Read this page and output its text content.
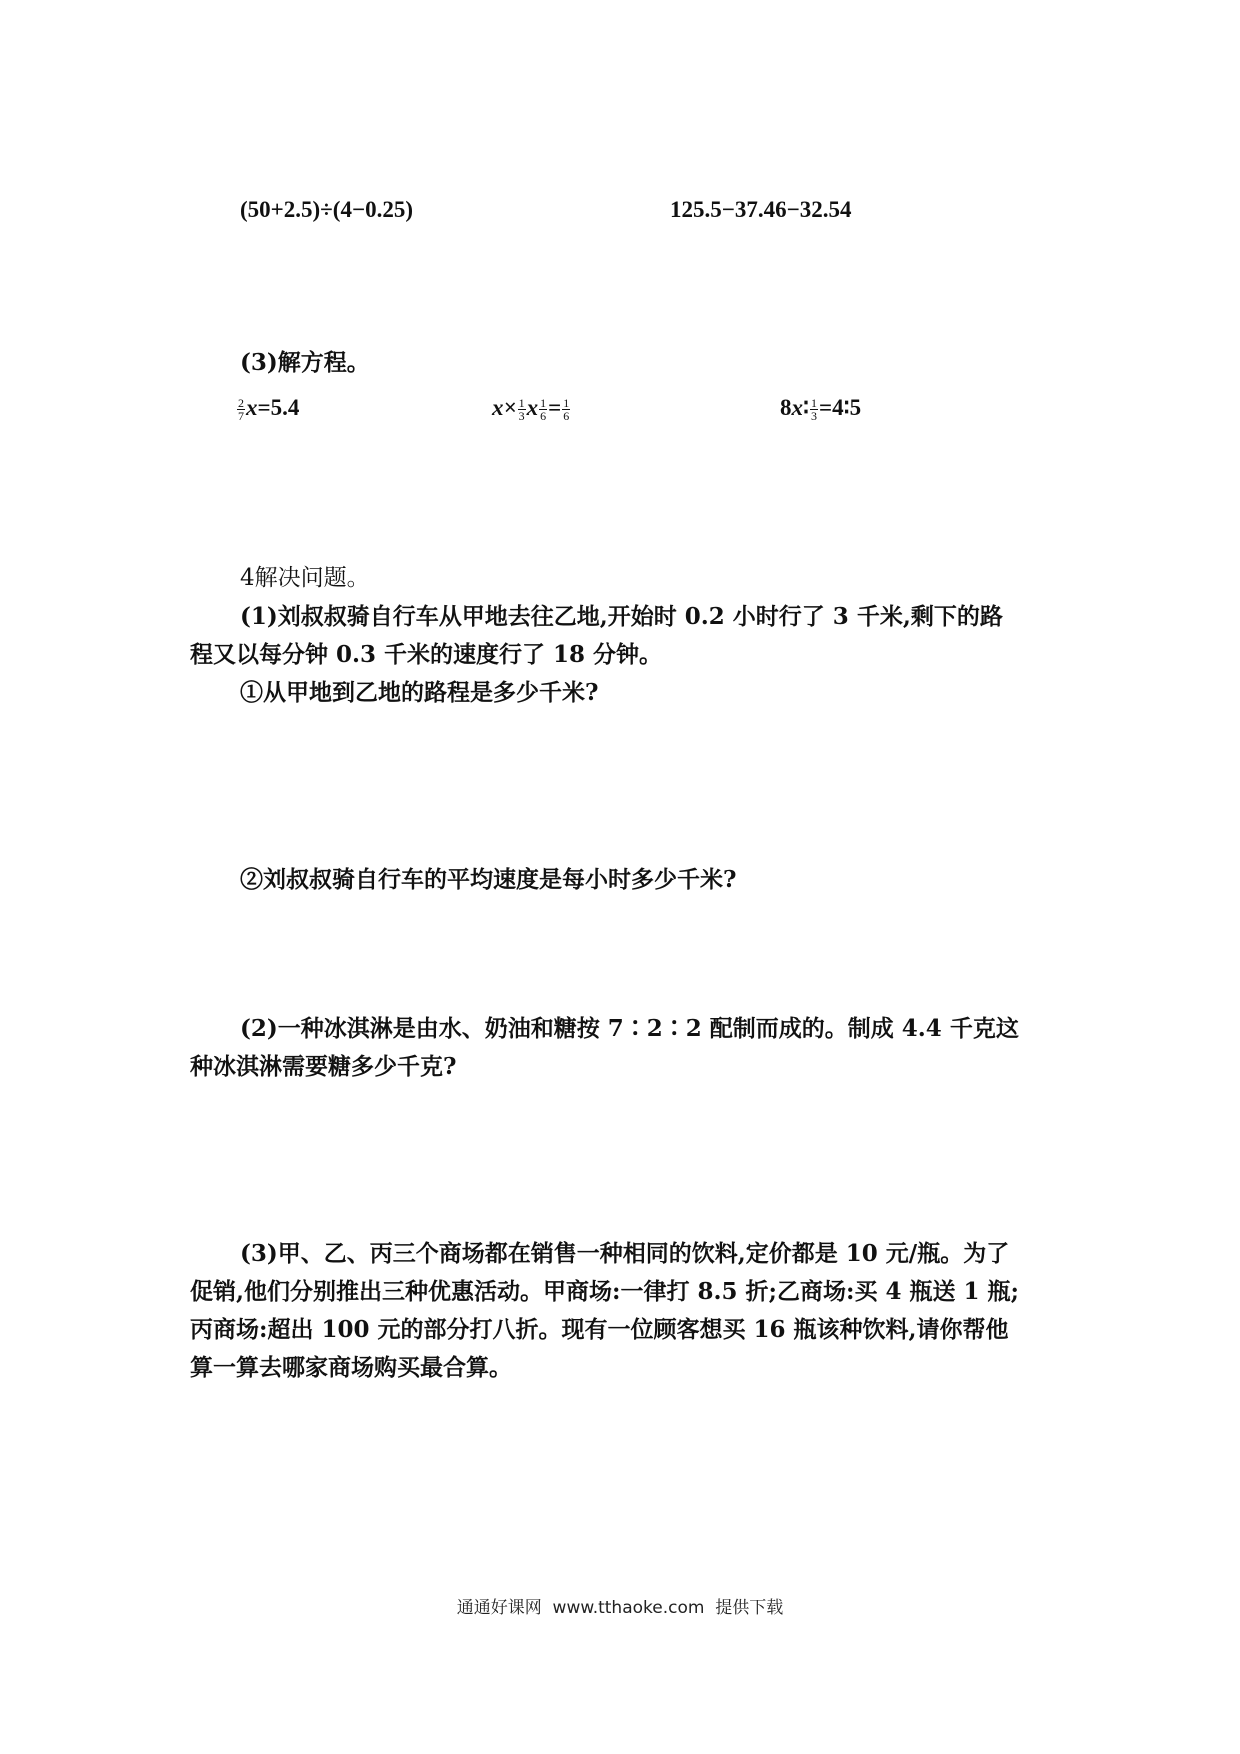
(50+2.5)÷(4−0.25)	125.5−37.46−32.54
(3)解方程。
$\frac{2}{7} x=5.4$	$x\times \frac{1}{3}$ x $\frac{1}{6} = \frac{1}{6}$	8x∶ $\frac{1}{3}$ =4∶5
4解决问题。
(1)刘叔叔骑自行车从甲地去往乙地,开始时 0.2 小时行了 3 千米,剩下的路
程又以每分钟 0.3 千米的速度行了 18 分钟。
①从甲地到乙地的路程是多少千米?
②刘叔叔骑自行车的平均速度是每小时多少千米?
(2)一种冰淇淋是由水、奶油和糖按 7∶2∶2 配制而成的。制成 4.4 千克这
种冰淇淋需要糖多少千克?
(3)甲、乙、丙三个商场都在销售一种相同的饮料,定价都是 10 元/瓶。为了
促销,他们分别推出三种优惠活动。甲商场:一律打 8.5 折;乙商场:买 4 瓶送 1 瓶;
丙商场:超出 100 元的部分打八折。现有一位顾客想买 16 瓶该种饮料,请你帮他
算一算去哪家商场购买最合算。
通通好课网  www.tthaoke.com  提供下载
